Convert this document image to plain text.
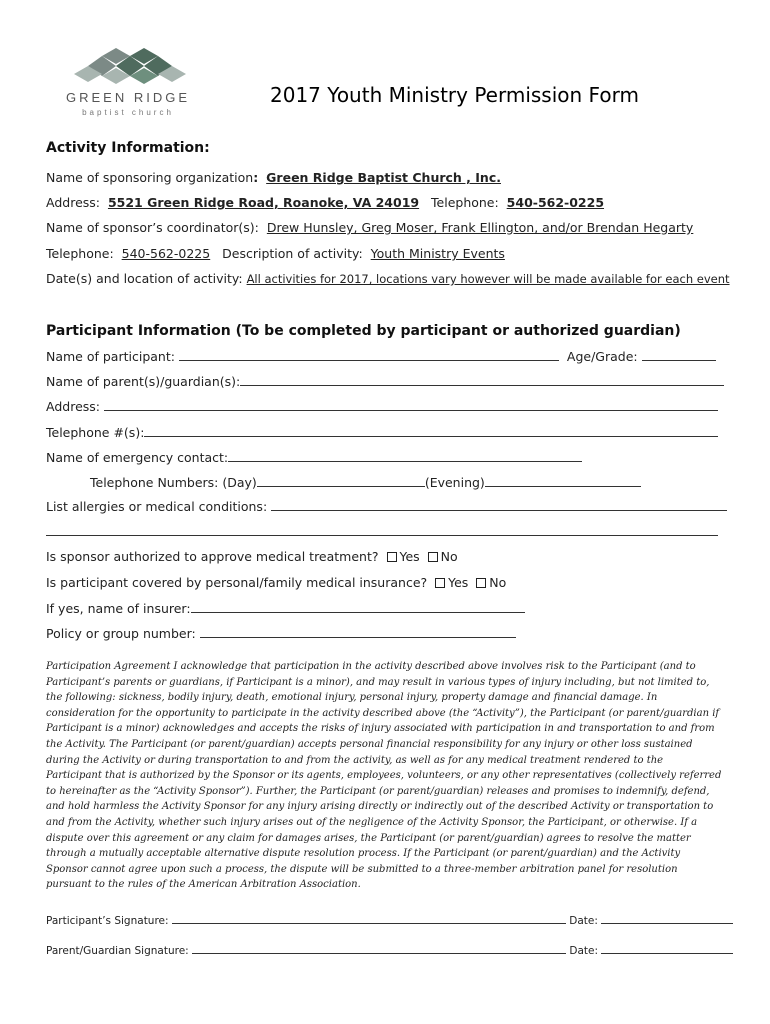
GREEN RIDGE
baptist church
2017 Youth Ministry Permission Form
Activity Information:
Name of sponsoring organization: Green Ridge Baptist Church , Inc.
Address: 5521 Green Ridge Road, Roanoke, VA 24019 Telephone: 540-562-0225
Name of sponsor’s coordinator(s): Drew Hunsley, Greg Moser, Frank Ellington, and/or Brendan Hegarty
Telephone: 540-562-0225 Description of activity: Youth Ministry Events
Date(s) and location of activity: All activities for 2017, locations vary however will be made available for each event
Participant Information (To be completed by participant or authorized guardian)
Name of participant:	Age/Grade:
Name of parent(s)/guardian(s):
Address:
Telephone #(s):
Name of emergency contact:
Telephone Numbers: (Day)	(Evening)
List allergies or medical conditions:
Is sponsor authorized to approve medical treatment? Yes No
Is participant covered by personal/family medical insurance? Yes No
If yes, name of insurer:
Policy or group number:
Participation Agreement I acknowledge that participation in the activity described above involves risk to the Participant (and to Participant’s parents or guardians, if Participant is a minor), and may result in various types of injury including, but not limited to, the following: sickness, bodily injury, death, emotional injury, personal injury, property damage and financial damage. In consideration for the opportunity to participate in the activity described above (the “Activity”), the Participant (or parent/guardian if Participant is a minor) acknowledges and accepts the risks of injury associated with participation in and transportation to and from the Activity. The Participant (or parent/guardian) accepts personal financial responsibility for any injury or other loss sustained during the Activity or during transportation to and from the activity, as well as for any medical treatment rendered to the Participant that is authorized by the Sponsor or its agents, employees, volunteers, or any other representatives (collectively referred to hereinafter as the “Activity Sponsor”). Further, the Participant (or parent/guardian) releases and promises to indemnify, defend, and hold harmless the Activity Sponsor for any injury arising directly or indirectly out of the described Activity or transportation to and from the Activity, whether such injury arises out of the negligence of the Activity Sponsor, the Participant, or otherwise. If a dispute over this agreement or any claim for damages arises, the Participant (or parent/guardian) agrees to resolve the matter through a mutually acceptable alternative dispute resolution process. If the Participant (or parent/guardian) and the Activity Sponsor cannot agree upon such a process, the dispute will be submitted to a three-member arbitration panel for resolution pursuant to the rules of the American Arbitration Association.
Participant’s Signature:	Date:
Parent/Guardian Signature:	Date:
